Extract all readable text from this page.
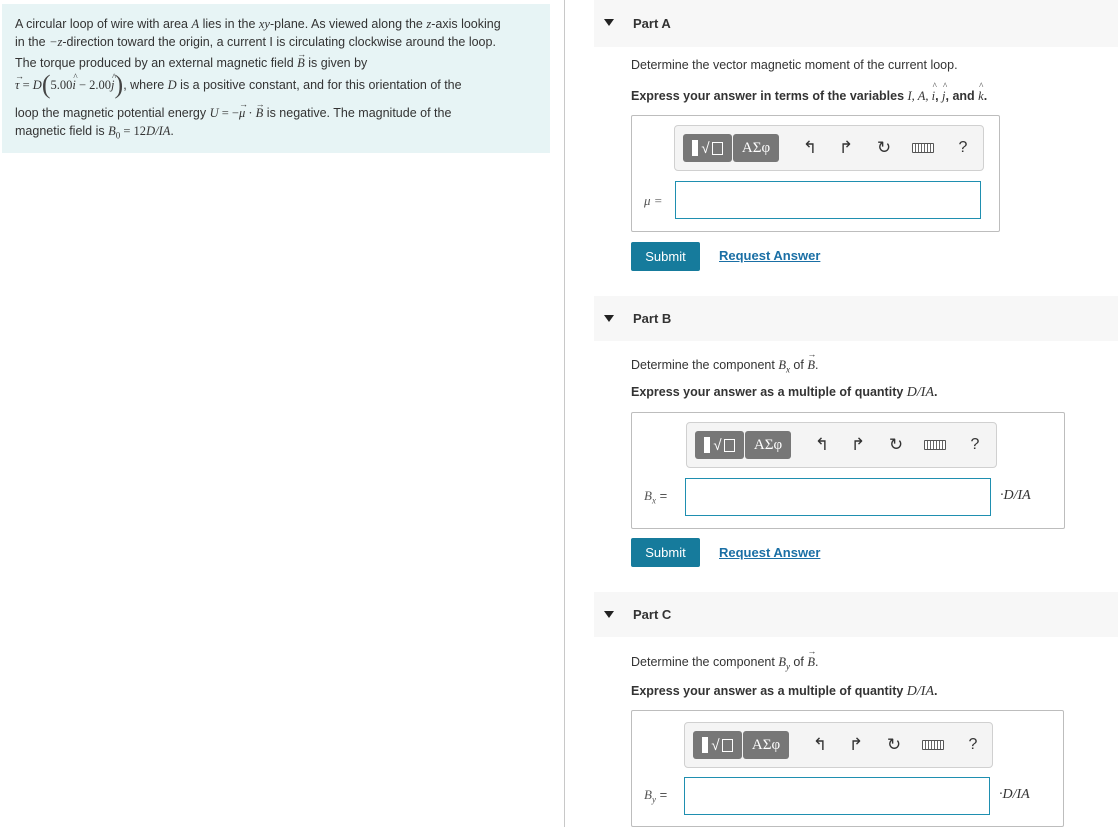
A circular loop of wire with area A lies in the xy-plane. As viewed along the z-axis looking
in the −z-direction toward the origin, a current I is circulating clockwise around the loop.
The torque produced by an external magnetic field → B is given by
→ τ = D(5.00^ i − 2.00^ j), where D is a positive constant, and for this orientation of the
loop the magnetic potential energy U = −→ μ · → B is negative. The magnitude of the
magnetic field is $B_0 = 12D/IA$.
Part A
Determine the vector magnetic moment of the current loop.
Express your answer in terms of the variables I, A, ^ i, ^ j, and ^ k.
√	ΑΣφ	↰ ↱ ↻	?
μ =
Submit	Request Answer
Part B
Determine the component $B_x$ of → B.
Express your answer as a multiple of quantity D/IA.
√	ΑΣφ	↰ ↱ ↻	?
$B_x$ =	·D/IA
Submit	Request Answer
Part C
Determine the component $B_y$ of → B.
Express your answer as a multiple of quantity D/IA.
√	ΑΣφ	↰ ↱ ↻	?
$B_y$ =	·D/IA
